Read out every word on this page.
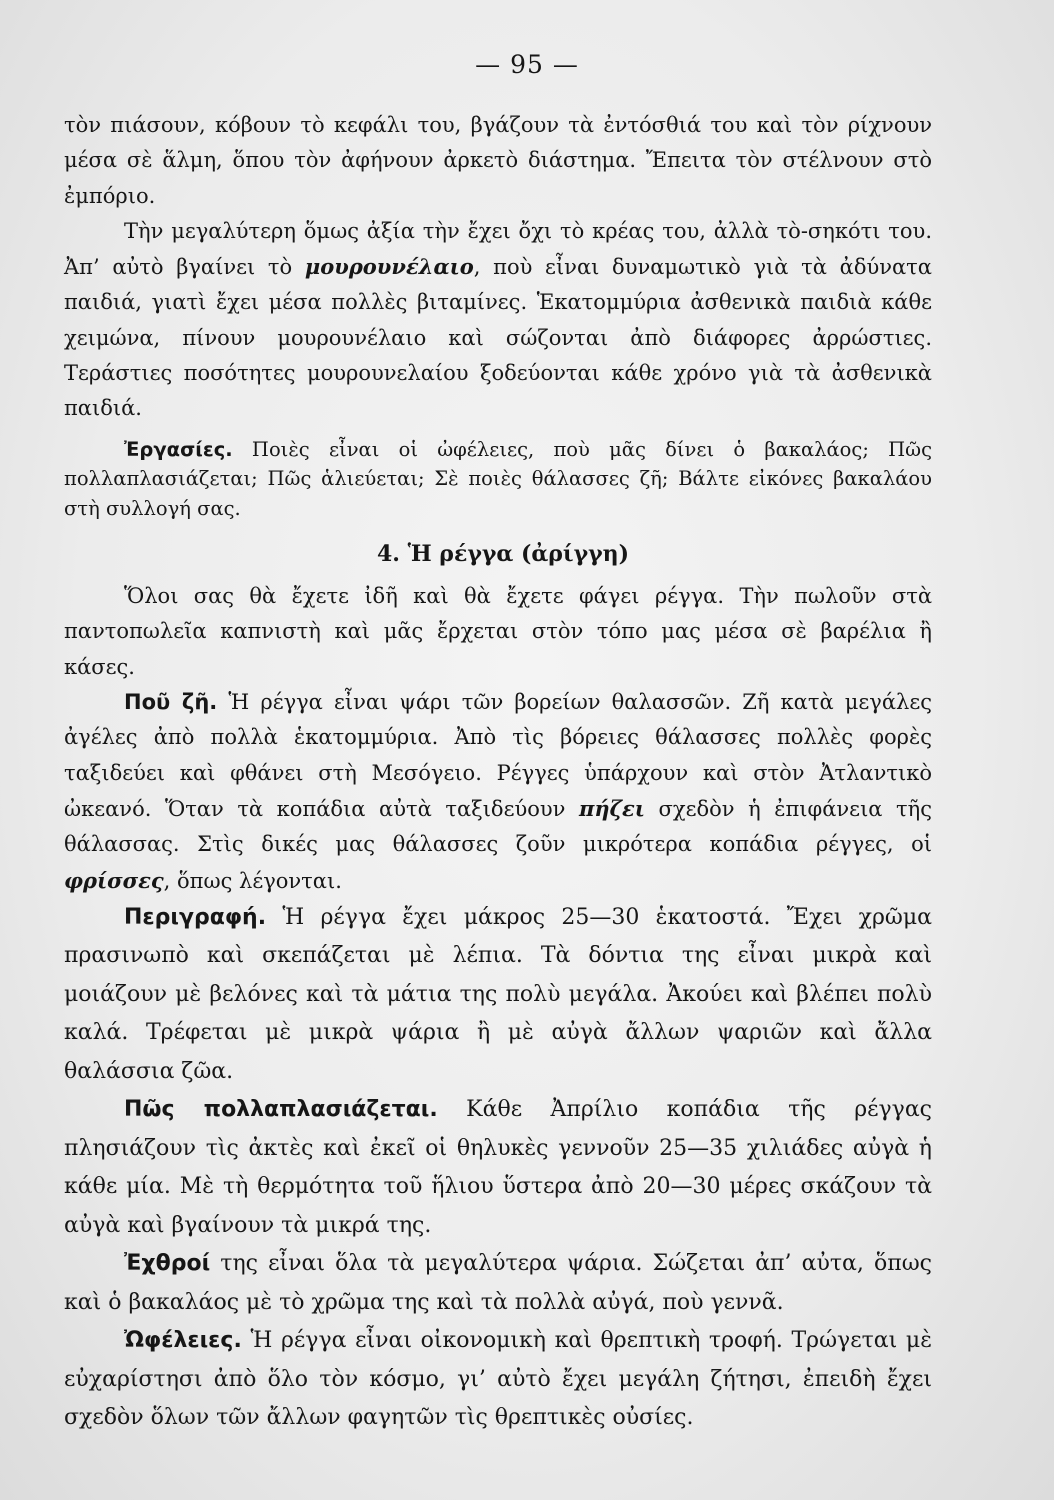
— 95 —

τὸν πιάσουν, κόβουν τὸ κεφάλι του, βγάζουν τὰ ἐντόσθιά του καὶ τὸν ρίχνουν μέσα σὲ ἅλμη, ὅπου τὸν ἀφήνουν ἀρκετὸ διάστημα. Ἔπειτα τὸν στέλνουν στὸ ἐμπόριο.

Τὴν μεγαλύτερη ὅμως ἀξία τὴν ἔχει ὄχι τὸ κρέας του, ἀλλὰ τὸ-σηκότι του. Ἀπ’ αὐτὸ βγαίνει τὸ μουρουνέλαιο, ποὺ εἶναι δυναμωτικὸ γιὰ τὰ ἀδύνατα παιδιά, γιατὶ ἔχει μέσα πολλὲς βιταμίνες. Ἑκατομμύρια ἀσθενικὰ παιδιὰ κάθε χειμώνα, πίνουν μουρουνέλαιο καὶ σώζονται ἀπὸ διάφορες ἀρρώστιες. Τεράστιες ποσότητες μουρουνελαίου ξοδεύονται κάθε χρόνο γιὰ τὰ ἀσθενικὰ παιδιά.

Ἐργασίες. Ποιὲς εἶναι οἱ ὠφέλειες, ποὺ μᾶς δίνει ὁ βακαλάος; Πῶς πολλαπλασιάζεται; Πῶς ἁλιεύεται; Σὲ ποιὲς θάλασσες ζῆ; Βάλτε εἰκόνες βακαλάου στὴ συλλογή σας.

4. Ἡ ρέγγα (ἀρίγγη)

Ὅλοι σας θὰ ἔχετε ἰδῆ καὶ θὰ ἔχετε φάγει ρέγγα. Τὴν πωλοῦν στὰ παντοπωλεῖα καπνιστὴ καὶ μᾶς ἔρχεται στὸν τόπο μας μέσα σὲ βαρέλια ἢ κάσες.

Ποῦ ζῆ. Ἡ ρέγγα εἶναι ψάρι τῶν βορείων θαλασσῶν. Ζῆ κατὰ μεγάλες ἀγέλες ἀπὸ πολλὰ ἑκατομμύρια. Ἀπὸ τὶς βόρειες θάλασσες πολλὲς φορὲς ταξιδεύει καὶ φθάνει στὴ Μεσόγειο. Ρέγγες ὑπάρχουν καὶ στὸν Ἀτλαντικὸ ὠκεανό. Ὅταν τὰ κοπάδια αὐτὰ ταξιδεύουν πήζει σχεδὸν ἡ ἐπιφάνεια τῆς θάλασσας. Στὶς δικές μας θάλασσες ζοῦν μικρότερα κοπάδια ρέγγες, οἱ φρίσσες, ὅπως λέγονται.

Περιγραφή. Ἡ ρέγγα ἔχει μάκρος 25—30 ἑκατοστά. Ἔχει χρῶμα πρασινωπὸ καὶ σκεπάζεται μὲ λέπια. Τὰ δόντια της εἶναι μικρὰ καὶ μοιάζουν μὲ βελόνες καὶ τὰ μάτια της πολὺ μεγάλα. Ἀκούει καὶ βλέπει πολὺ καλά. Τρέφεται μὲ μικρὰ ψάρια ἢ μὲ αὐγὰ ἄλλων ψαριῶν καὶ ἄλλα θαλάσσια ζῶα.

Πῶς πολλαπλασιάζεται. Κάθε Ἀπρίλιο κοπάδια τῆς ρέγγας πλησιάζουν τὶς ἀκτὲς καὶ ἐκεῖ οἱ θηλυκὲς γεννοῦν 25—35 χιλιάδες αὐγὰ ἡ κάθε μία. Μὲ τὴ θερμότητα τοῦ ἥλιου ὕστερα ἀπὸ 20—30 μέρες σκάζουν τὰ αὐγὰ καὶ βγαίνουν τὰ μικρά της.

Ἐχθροί της εἶναι ὅλα τὰ μεγαλύτερα ψάρια. Σώζεται ἀπ’ αὐτα, ὅπως καὶ ὁ βακαλάος μὲ τὸ χρῶμα της καὶ τὰ πολλὰ αὐγά, ποὺ γεννᾶ.

Ὠφέλειες. Ἡ ρέγγα εἶναι οἰκονομικὴ καὶ θρεπτικὴ τροφή. Τρώγεται μὲ εὐχαρίστησι ἀπὸ ὅλο τὸν κόσμο, γι’ αὐτὸ ἔχει μεγάλη ζήτησι, ἐπειδὴ ἔχει σχεδὸν ὅλων τῶν ἄλλων φαγητῶν τὶς θρεπτικὲς οὐσίες.
